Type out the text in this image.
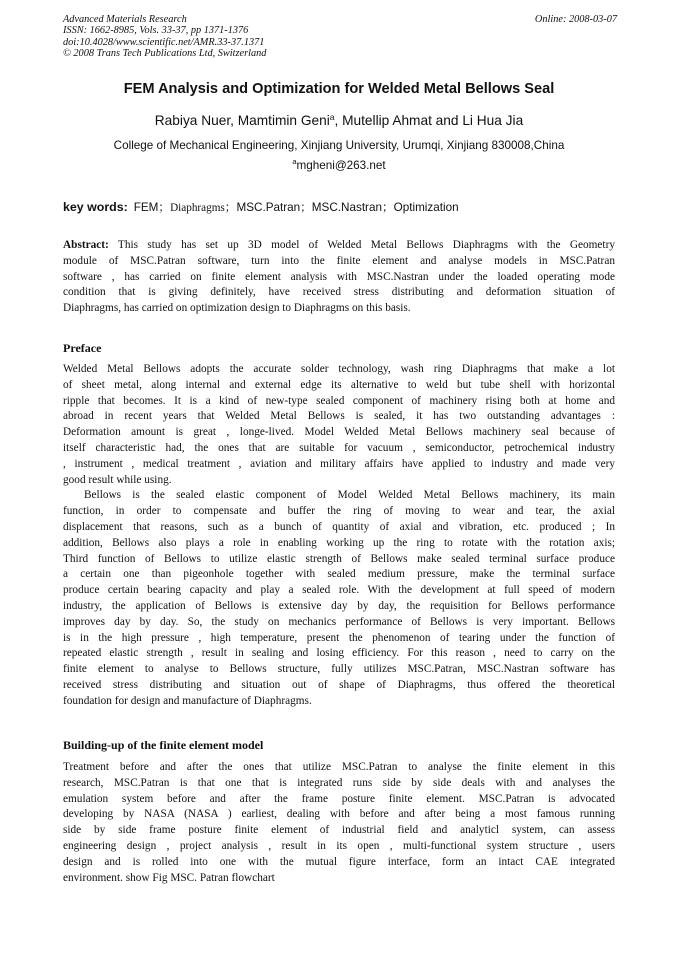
Advanced Materials Research
ISSN: 1662-8985, Vols. 33-37, pp 1371-1376
doi:10.4028/www.scientific.net/AMR.33-37.1371
© 2008 Trans Tech Publications Ltd, Switzerland
Online: 2008-03-07
FEM Analysis and Optimization for Welded Metal Bellows Seal
Rabiya Nuer, Mamtimin Geni$^a$, Mutellip Ahmat and Li Hua Jia
College of Mechanical Engineering, Xinjiang University, Urumqi, Xinjiang 830008,China
$^a$mgheni@263.net
key words: FEM；Diaphragms；MSC.Patran；MSC.Nastran；Optimization
Abstract: This study has set up 3D model of Welded Metal Bellows Diaphragms with the Geometry
module of MSC.Patran software, turn into the finite element and analyse models in MSC.Patran
software , has carried on finite element analysis with MSC.Nastran under the loaded operating mode
condition that is giving definitely, have received stress distributing and deformation situation of
Diaphragms, has carried on optimization design to Diaphragms on this basis.
Preface
Welded Metal Bellows adopts the accurate solder technology, wash ring Diaphragms that make a lot
of sheet metal, along internal and external edge its alternative to weld but tube shell with horizontal
ripple that becomes. It is a kind of new-type sealed component of machinery rising both at home and
abroad in recent years that Welded Metal Bellows is sealed, it has two outstanding advantages :
Deformation amount is great , longe-lived. Model Welded Metal Bellows machinery seal because of
itself characteristic had, the ones that are suitable for vacuum , semiconductor, petrochemical industry
, instrument , medical treatment , aviation and military affairs have applied to industry and made very
good result while using.
Bellows is the sealed elastic component of Model Welded Metal Bellows machinery, its main
function, in order to compensate and buffer the ring of moving to wear and tear, the axial
displacement that reasons, such as a bunch of quantity of axial and vibration, etc. produced ; In
addition, Bellows also plays a role in enabling working up the ring to rotate with the rotation axis;
Third function of Bellows to utilize elastic strength of Bellows make sealed terminal surface produce
a certain one than pigeonhole together with sealed medium pressure, make the terminal surface
produce certain bearing capacity and play a sealed role. With the development at full speed of modern
industry, the application of Bellows is extensive day by day, the requisition for Bellows performance
improves day by day. So, the study on mechanics performance of Bellows is very important. Bellows
is in the high pressure , high temperature, present the phenomenon of tearing under the function of
repeated elastic strength , result in sealing and losing efficiency. For this reason , need to carry on the
finite element to analyse to Bellows structure, fully utilizes MSC.Patran, MSC.Nastran software has
received stress distributing and situation out of shape of Diaphragms, thus offered the theoretical
foundation for design and manufacture of Diaphragms.
Building-up of the finite element model
Treatment before and after the ones that utilize MSC.Patran to analyse the finite element in this
research, MSC.Patran is that one that is integrated runs side by side deals with and analyses the
emulation system before and after the frame posture finite element. MSC.Patran is advocated
developing by NASA (NASA ) earliest, dealing with before and after being a most famous running
side by side frame posture finite element of industrial field and analyticl system, can assess
engineering design , project analysis , result in its open , multi-functional system structure , users
design and is rolled into one with the mutual figure interface, form an intact CAE integrated
environment. show Fig MSC. Patran flowchart
